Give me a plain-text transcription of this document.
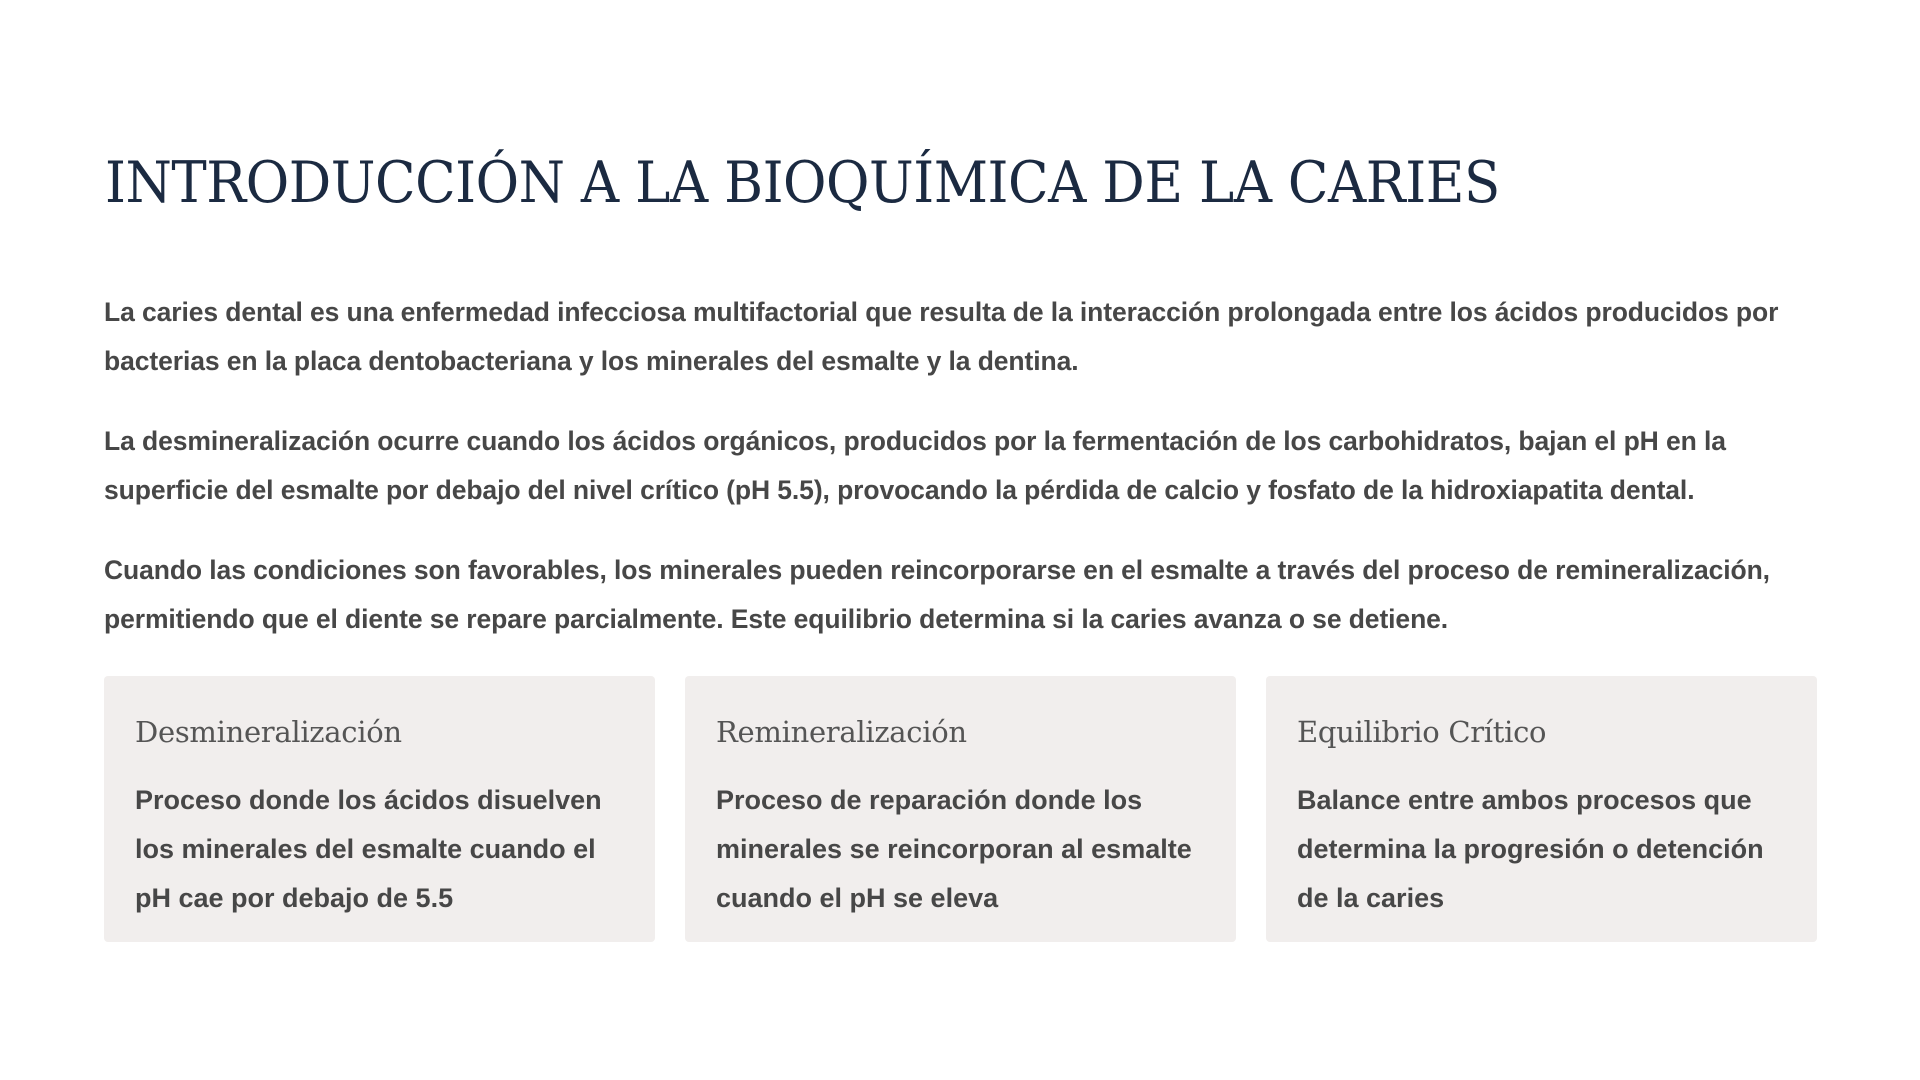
INTRODUCCIÓN A LA BIOQUÍMICA DE LA CARIES

La caries dental es una enfermedad infecciosa multifactorial que resulta de la interacción prolongada entre los ácidos producidos por bacterias en la placa dentobacteriana y los minerales del esmalte y la dentina.

La desmineralización ocurre cuando los ácidos orgánicos, producidos por la fermentación de los carbohidratos, bajan el pH en la superficie del esmalte por debajo del nivel crítico (pH 5.5), provocando la pérdida de calcio y fosfato de la hidroxiapatita dental.

Cuando las condiciones son favorables, los minerales pueden reincorporarse en el esmalte a través del proceso de remineralización, permitiendo que el diente se repare parcialmente. Este equilibrio determina si la caries avanza o se detiene.

Desmineralización

Proceso donde los ácidos disuelven los minerales del esmalte cuando el pH cae por debajo de 5.5

Remineralización

Proceso de reparación donde los minerales se reincorporan al esmalte cuando el pH se eleva

Equilibrio Crítico

Balance entre ambos procesos que determina la progresión o detención de la caries
